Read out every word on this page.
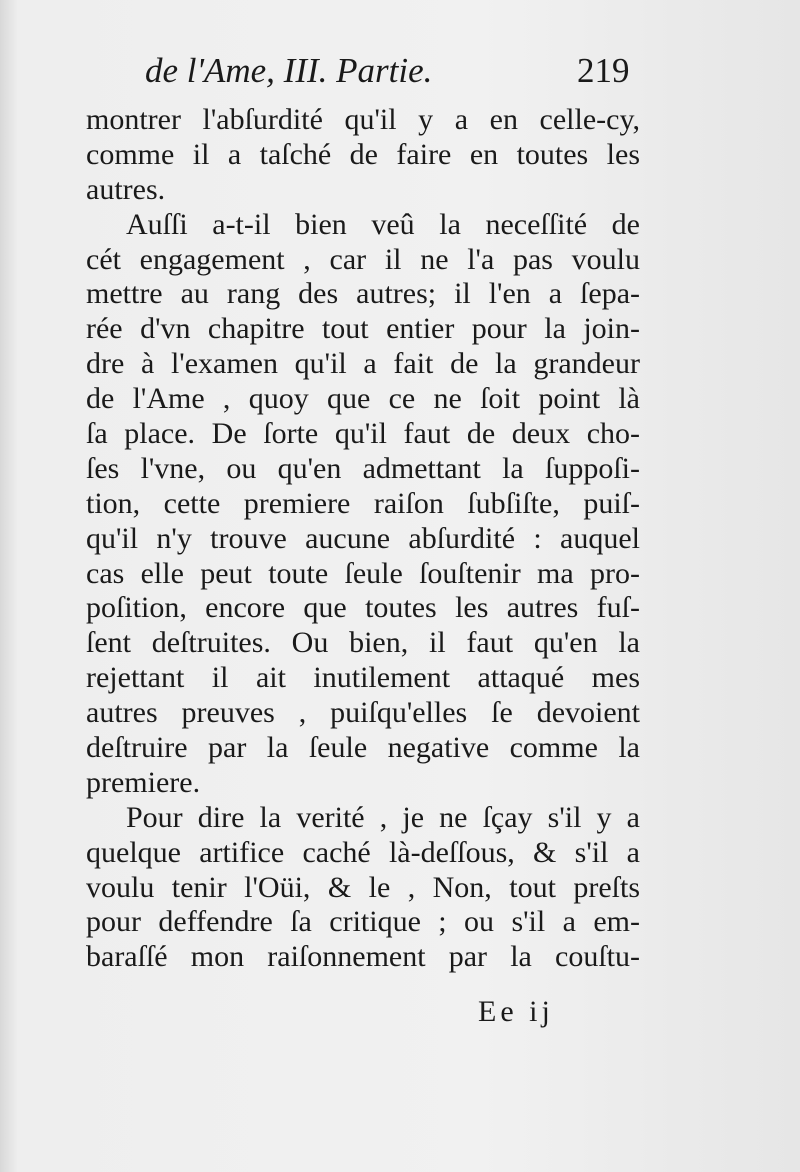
de l'Ame, III. Partie.	219
montrer l'abſurdité qu'il y a en celle-cy,
comme il a taſché de faire en toutes les
autres.
Auſſi a-t-il bien veû la neceſſité de
cét engagement , car il ne l'a pas voulu
mettre au rang des autres; il l'en a ſepa-
rée d'vn chapitre tout entier pour la join-
dre à l'examen qu'il a fait de la grandeur
de l'Ame , quoy que ce ne ſoit point là
ſa place. De ſorte qu'il faut de deux cho-
ſes l'vne, ou qu'en admettant la ſuppoſi-
tion, cette premiere raiſon ſubſiſte, puiſ-
qu'il n'y trouve aucune abſurdité : auquel
cas elle peut toute ſeule ſouſtenir ma pro-
poſition, encore que toutes les autres fuſ-
ſent deſtruites. Ou bien, il faut qu'en la
rejettant il ait inutilement attaqué mes
autres preuves , puiſqu'elles ſe devoient
deſtruire par la ſeule negative comme la
premiere.
Pour dire la verité , je ne ſçay s'il y a
quelque artifice caché là-deſſous, & s'il a
voulu tenir l'Oüi, & le , Non, tout preſts
pour deffendre ſa critique ; ou s'il a em-
baraſſé mon raiſonnement par la couſtu-
Ee ij
